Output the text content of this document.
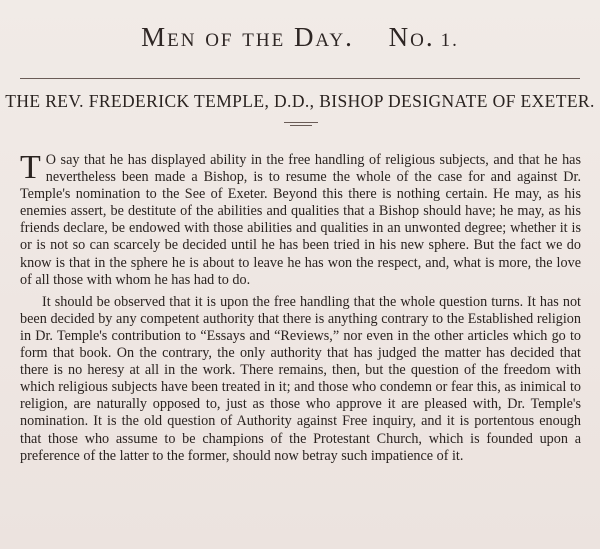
Men of the Day. No. 1.
THE REV. FREDERICK TEMPLE, D.D., BISHOP DESIGNATE OF EXETER.

T O say that he has displayed ability in the free handling of religious subjects, and that he has nevertheless been made a Bishop, is to resume the whole of the case for and against Dr. Temple's nomination to the See of Exeter. Beyond this there is nothing certain. He may, as his enemies assert, be destitute of the abilities and qualities that a Bishop should have; he may, as his friends declare, be endowed with those abilities and qualities in an unwonted degree; whether it is or is not so can scarcely be decided until he has been tried in his new sphere. But the fact we do know is that in the sphere he is about to leave he has won the respect, and, what is more, the love of all those with whom he has had to do.

It should be observed that it is upon the free handling that the whole question turns. It has not been decided by any competent authority that there is anything contrary to the Established religion in Dr. Temple's contribution to “Essays and “Reviews,” nor even in the other articles which go to form that book. On the contrary, the only authority that has judged the matter has decided that there is no heresy at all in the work. There remains, then, but the question of the freedom with which religious subjects have been treated in it; and those who condemn or fear this, as inimical to religion, are naturally opposed to, just as those who approve it are pleased with, Dr. Temple's nomination. It is the old question of Authority against Free inquiry, and it is portentous enough that those who assume to be champions of the Protestant Church, which is founded upon a preference of the latter to the former, should now betray such impatience of it.
